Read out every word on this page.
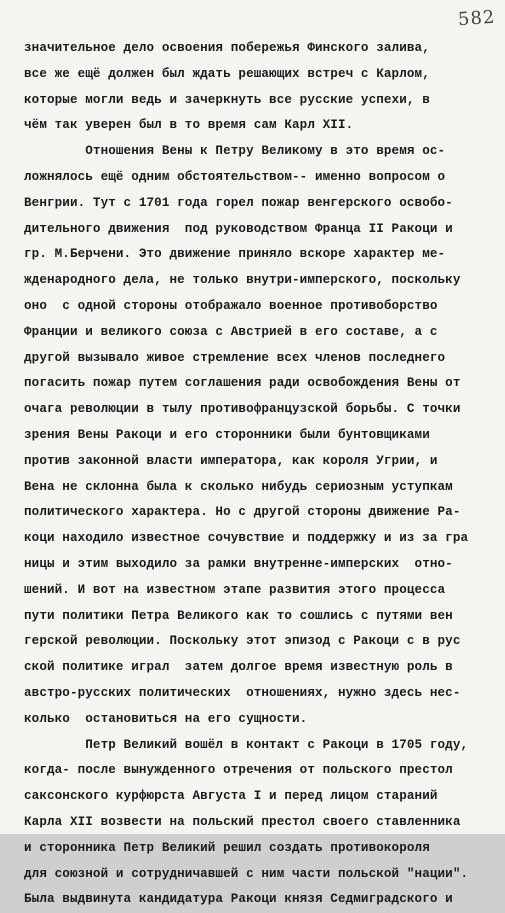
582
значительное дело освоения побережья Финского залива,
все же ещё должен был ждать решающих встреч с Карлом,
которые могли ведь и зачеркнуть все русские успехи, в
чём так уверен был в то время сам Карл XII.
Отношения Вены к Петру Великому в это время ос-
ложнялось ещё одним обстоятельством-- именно вопросом о
Венгрии. Тут с 1701 года горел пожар венгерского освобо-
дительного движения  под руководством Франца II Ракоци и
гр. М.Берчени. Это движение приняло вскоре характер ме-
жденародного дела, не только внутри-имперского, поскольку
оно  с одной стороны отображало военное противоборство
Франции и великого союза с Австрией в его составе, а с
другой вызывало живое стремление всех членов последнего
погасить пожар путем соглашения ради освобождения Вены от
очага революции в тылу противофранцузской борьбы. С точки
зрения Вены Ракоци и его сторонники были бунтовщиками
против законной власти императора, как короля Угрии, и
Вена не склонна была к сколько нибудь сериозным уступкам
политического характера. Но с другой стороны движение Ра-
коци находило известное сочувствие и поддержку и из за гра
ницы и этим выходило за рамки внутренне-имперских  отно-
шений. И вот на известном этапе развития этого процесса
пути политики Петра Великого как то сошлись с путями вен
герской революции. Поскольку этот эпизод с Ракоци с в рус
ской политике играл  затем долгое время известную роль в
австро-русских политических  отношениях, нужно здесь нес-
колько  остановиться на его сущности.
Петр Великий вошёл в контакт с Ракоци в 1705 году,
когда- после вынужденного отречения от польского престол
саксонского курфюрста Августа I и перед лицом стараний
Карла XII возвести на польский престол своего ставленника
и сторонника Петр Великий решил создать противокороля
для союзной и сотрудничавшей с ним части польской "нации".
Была выдвинута кандидатура Ракоци князя Седмиградского и
